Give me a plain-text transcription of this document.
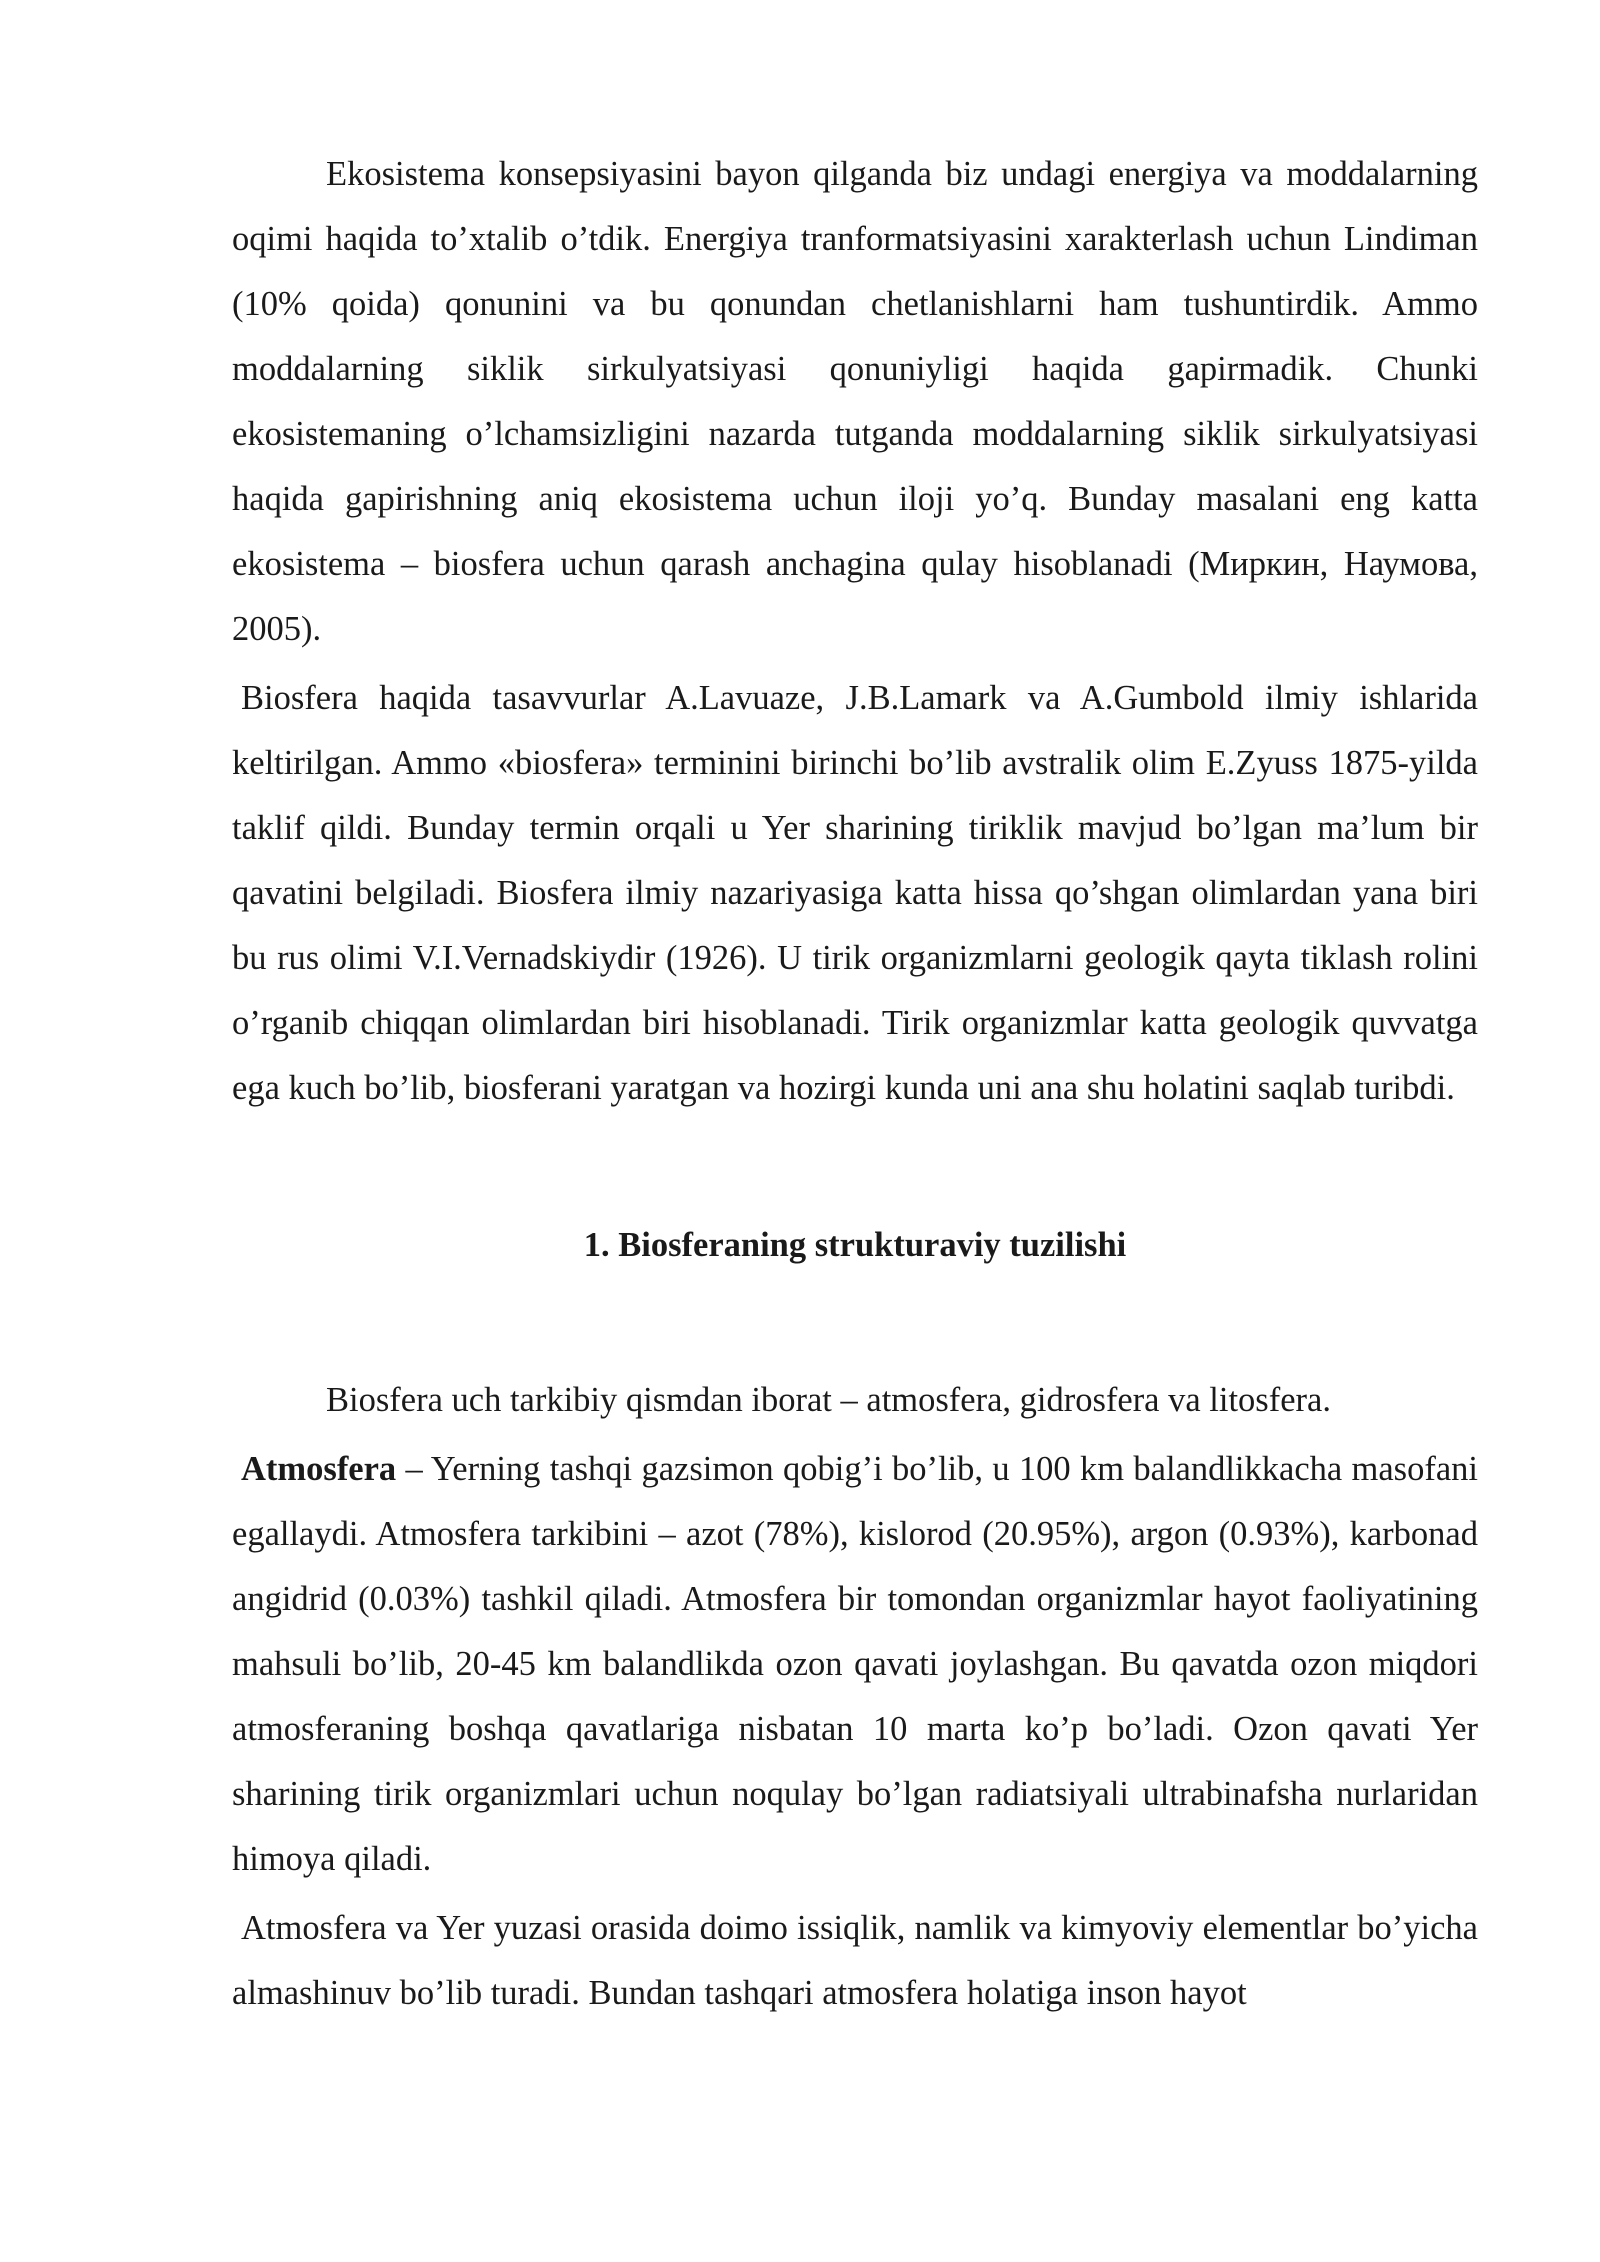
Ekosistema konsepsiyasini bayon qilganda biz undagi energiya va moddalarning oqimi haqida to’xtalib o’tdik. Energiya tranformatsiyasini xarakterlash uchun Lindiman (10% qoida) qonunini va bu qonundan chetlanishlarni ham tushuntirdik. Ammo moddalarning siklik sirkulyatsiyasi qonuniyligi haqida gapirmadik. Chunki ekosistemaning o’lchamsizligini nazarda tutganda moddalarning siklik sirkulyatsiyasi haqida gapirishning aniq ekosistema uchun iloji yo’q. Bunday masalani eng katta ekosistema – biosfera uchun qarash anchagina qulay hisoblanadi (Миркин, Наумова, 2005).

Biosfera haqida tasavvurlar A.Lavuaze, J.B.Lamark va A.Gumbold ilmiy ishlarida keltirilgan. Ammo «biosfera» terminini birinchi bo’lib avstralik olim E.Zyuss 1875-yilda taklif qildi. Bunday termin orqali u Yer sharining tiriklik mavjud bo’lgan ma’lum bir qavatini belgiladi. Biosfera ilmiy nazariyasiga katta hissa qo’shgan olimlardan yana biri bu rus olimi V.I.Vernadskiydir (1926). U tirik organizmlarni geologik qayta tiklash rolini o’rganib chiqqan olimlardan biri hisoblanadi. Tirik organizmlar katta geologik quvvatga ega kuch bo’lib, biosferani yaratgan va hozirgi kunda uni ana shu holatini saqlab turibdi.

1. Biosferaning strukturaviy tuzilishi

Biosfera uch tarkibiy qismdan iborat – atmosfera, gidrosfera va litosfera.

Atmosfera – Yerning tashqi gazsimon qobig’i bo’lib, u 100 km balandlikkacha masofani egallaydi. Atmosfera tarkibini – azot (78%), kislorod (20.95%), argon (0.93%), karbonad angidrid (0.03%) tashkil qiladi. Atmosfera bir tomondan organizmlar hayot faoliyatining mahsuli bo’lib, 20-45 km balandlikda ozon qavati joylashgan. Bu qavatda ozon miqdori atmosferaning boshqa qavatlariga nisbatan 10 marta ko’p bo’ladi. Ozon qavati Yer sharining tirik organizmlari uchun noqulay bo’lgan radiatsiyali ultrabinafsha nurlaridan himoya qiladi.

Atmosfera va Yer yuzasi orasida doimo issiqlik, namlik va kimyoviy elementlar bo’yicha almashinuv bo’lib turadi. Bundan tashqari atmosfera holatiga inson hayot
